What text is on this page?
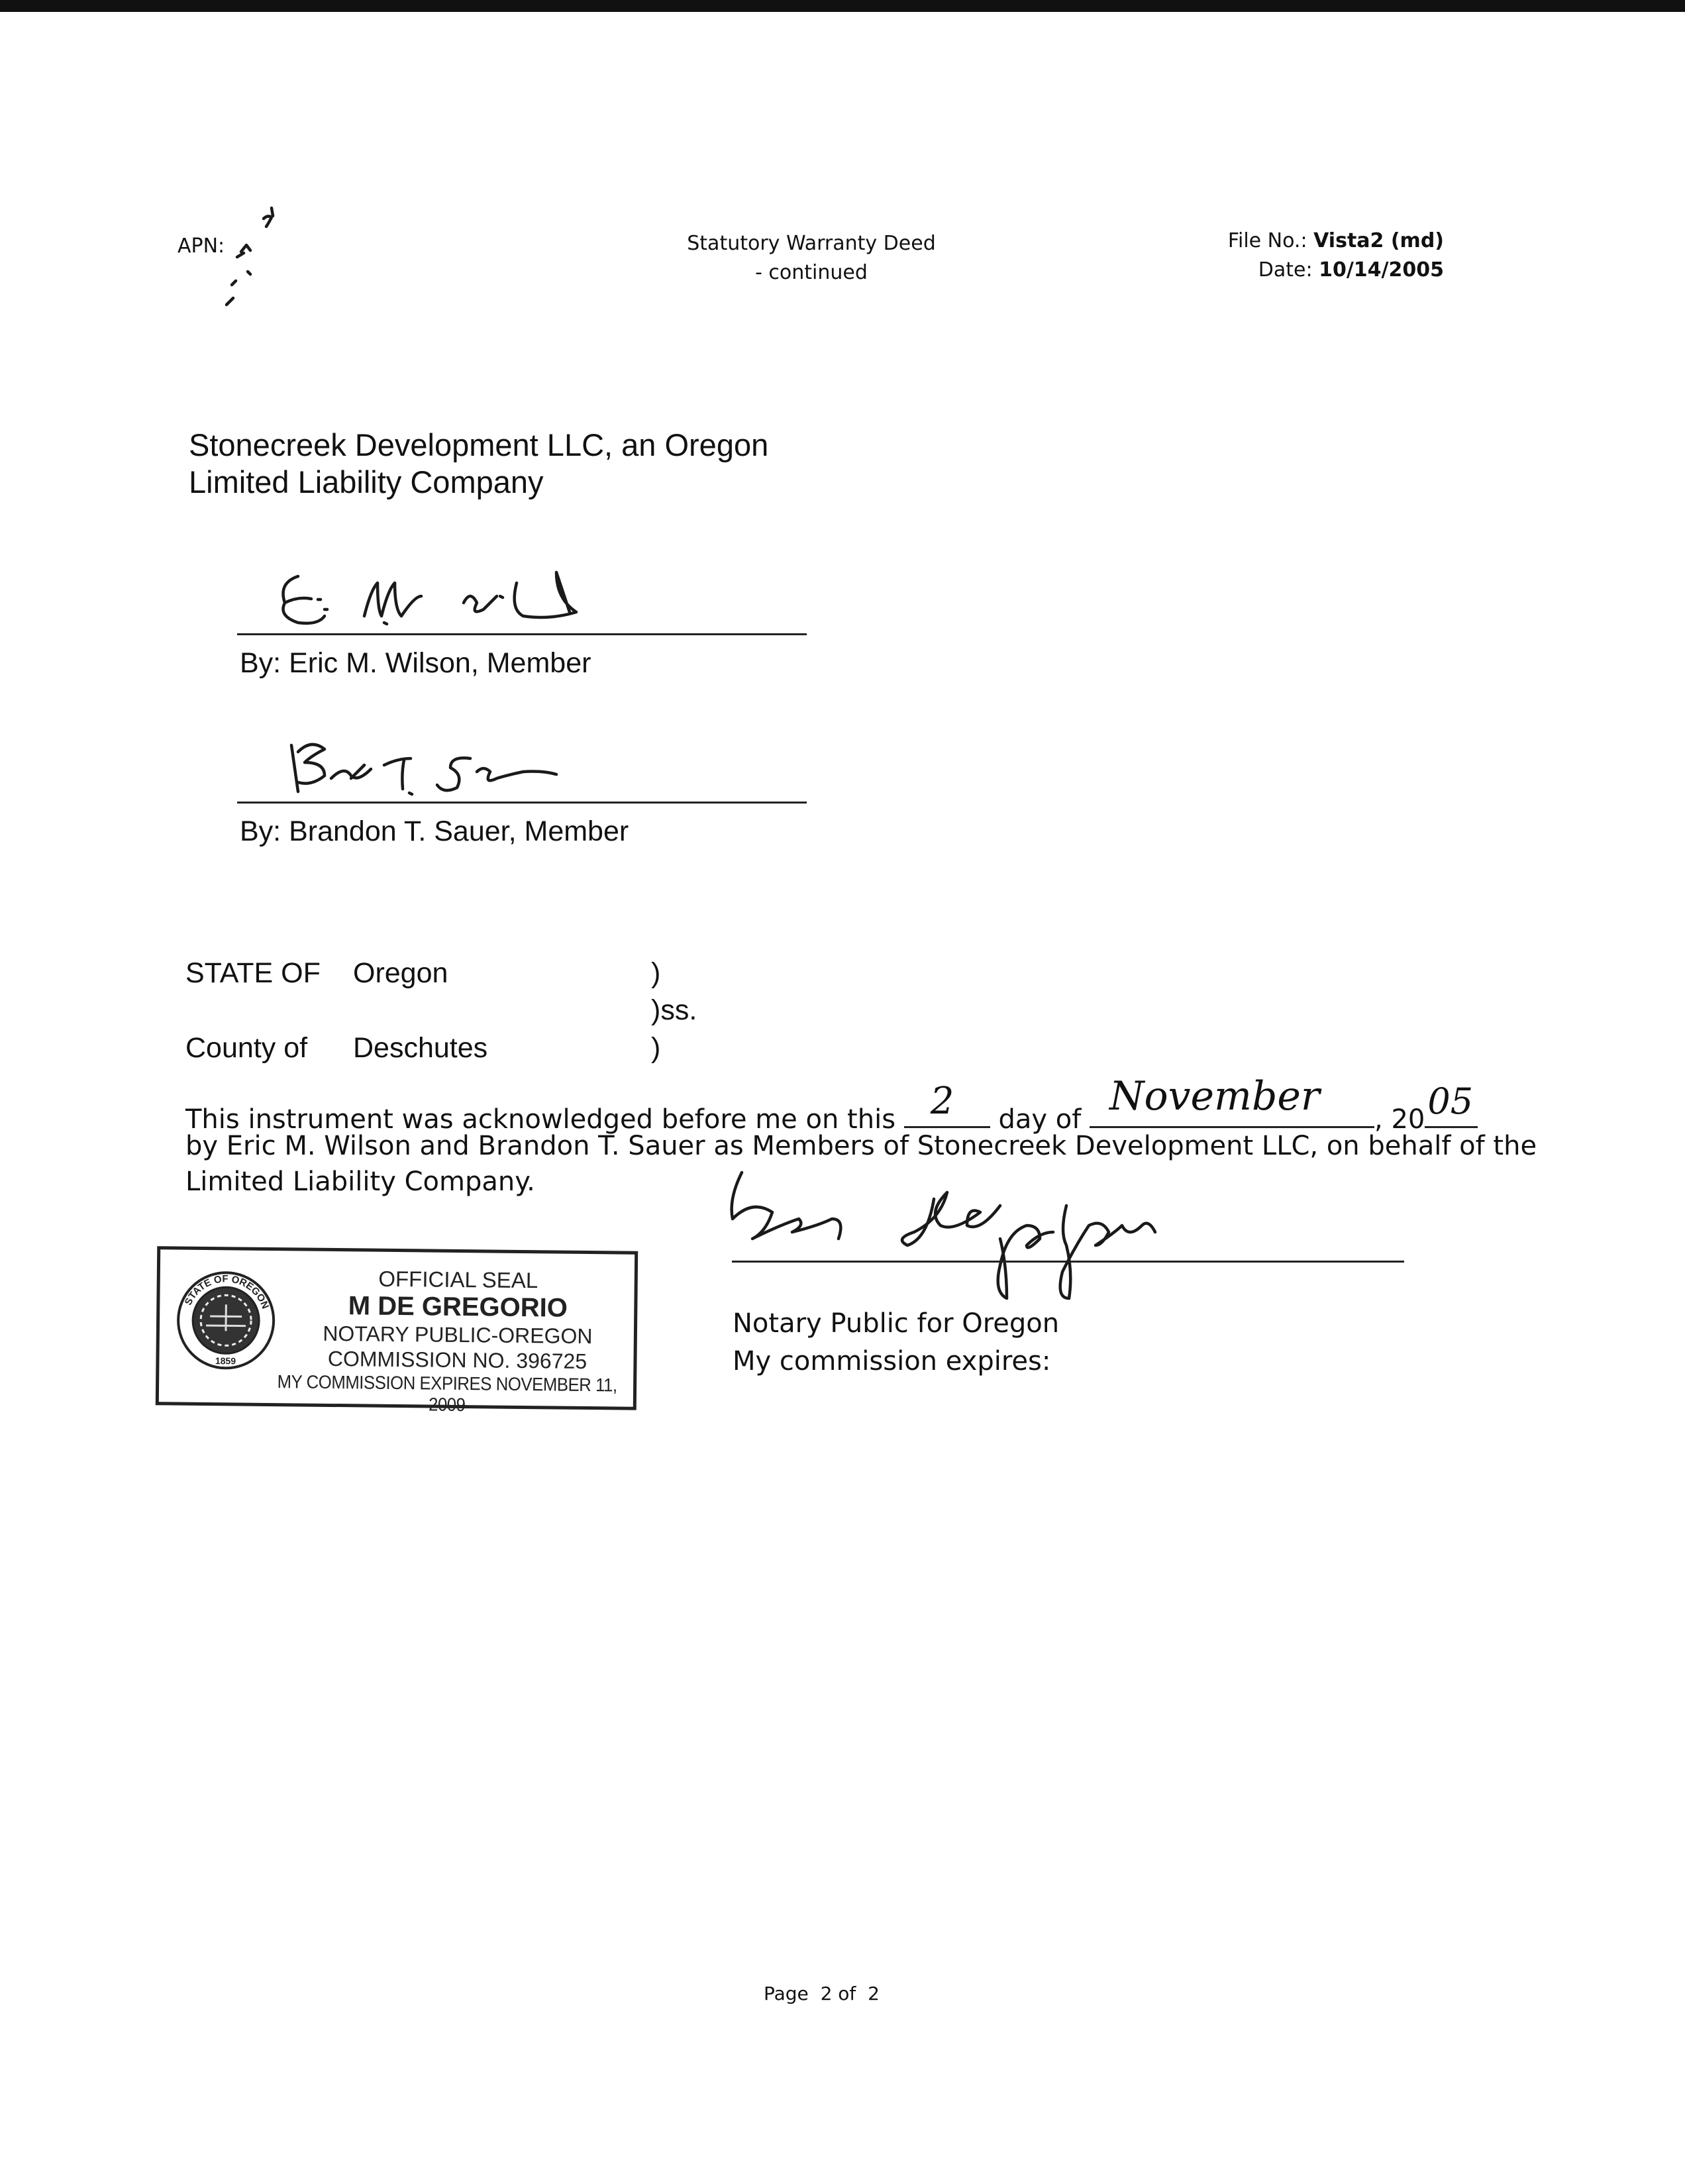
APN:	Statutory Warranty Deed
- continued
File No.: Vista2 (md)
Date: 10/14/2005
Stonecreek Development LLC, an Oregon
Limited Liability Company
By: Eric M. Wilson, Member
By: Brandon T. Sauer, Member
STATE OF Oregon	)
)ss.
County of Deschutes	)
This instrument was acknowledged before me on this 2 day of November , 20 05
by Eric M. Wilson and Brandon T. Sauer as Members of Stonecreek Development LLC, on behalf of the
Limited Liability Company.
Notary Public for Oregon
My commission expires:
STATE OF OREGON
1859
OFFICIAL SEAL
M DE GREGORIO
NOTARY PUBLIC-OREGON
COMMISSION NO. 396725
MY COMMISSION EXPIRES NOVEMBER 11, 2009
Page  2 of  2
